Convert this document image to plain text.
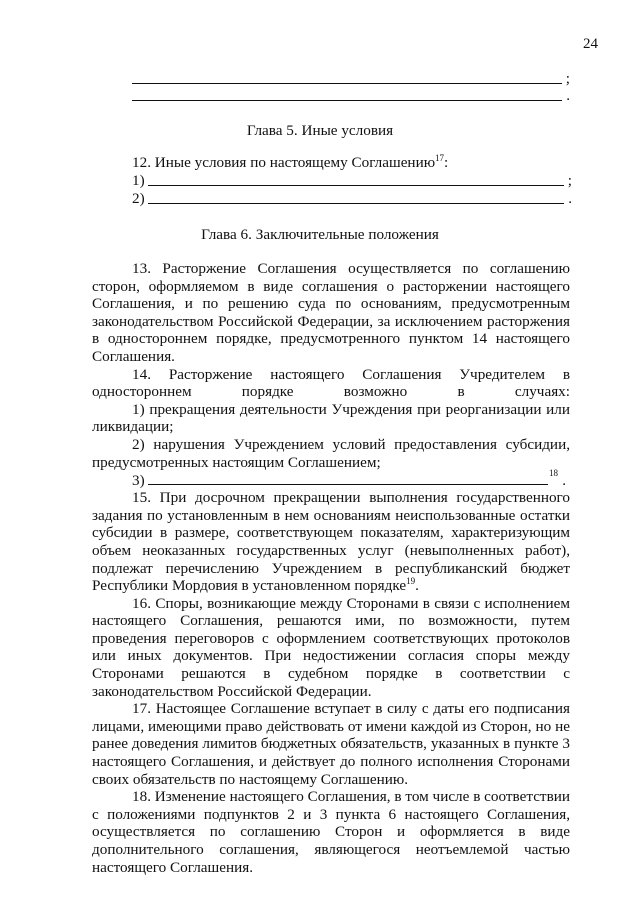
24
;
.
Глава 5. Иные условия
12. Иные условия по настоящему Соглашению$^{17}$:
1)	;
2)	.
Глава 6. Заключительные положения

13. Расторжение Соглашения осуществляется по соглашению сторон, оформляемом в виде соглашения о расторжении настоящего Соглашения, и по решению суда по основаниям, предусмотренным законодательством Российской Федерации, за исключением расторжения в одностороннем порядке, предусмотренного пунктом 14 настоящего Соглашения.

14. Расторжение настоящего Соглашения Учредителем в одностороннем порядке возможно в случаях:

1) прекращения деятельности Учреждения при реорганизации или ликвидации;

2) нарушения Учреждением условий предоставления субсидии, предусмотренных настоящим Соглашением;

3)	18 .

15. При досрочном прекращении выполнения государственного задания по установленным в нем основаниям неиспользованные остатки субсидии в размере, соответствующем показателям, характеризующим объем неоказанных государственных услуг (невыполненных работ), подлежат перечислению Учреждением в республиканский бюджет Республики Мордовия в установленном порядке$^{19}$.

16. Споры, возникающие между Сторонами в связи с исполнением настоящего Соглашения, решаются ими, по возможности, путем проведения переговоров с оформлением соответствующих протоколов или иных документов. При недостижении согласия споры между Сторонами решаются в судебном порядке в соответствии с законодательством Российской Федерации.

17. Настоящее Соглашение вступает в силу с даты его подписания лицами, имеющими право действовать от имени каждой из Сторон, но не ранее доведения лимитов бюджетных обязательств, указанных в пункте 3 настоящего Соглашения, и действует до полного исполнения Сторонами своих обязательств по настоящему Соглашению.

18. Изменение настоящего Соглашения, в том числе в соответствии с положениями подпунктов 2 и 3 пункта 6 настоящего Соглашения, осуществляется по соглашению Сторон и оформляется в виде дополнительного соглашения, являющегося неотъемлемой частью настоящего Соглашения.
